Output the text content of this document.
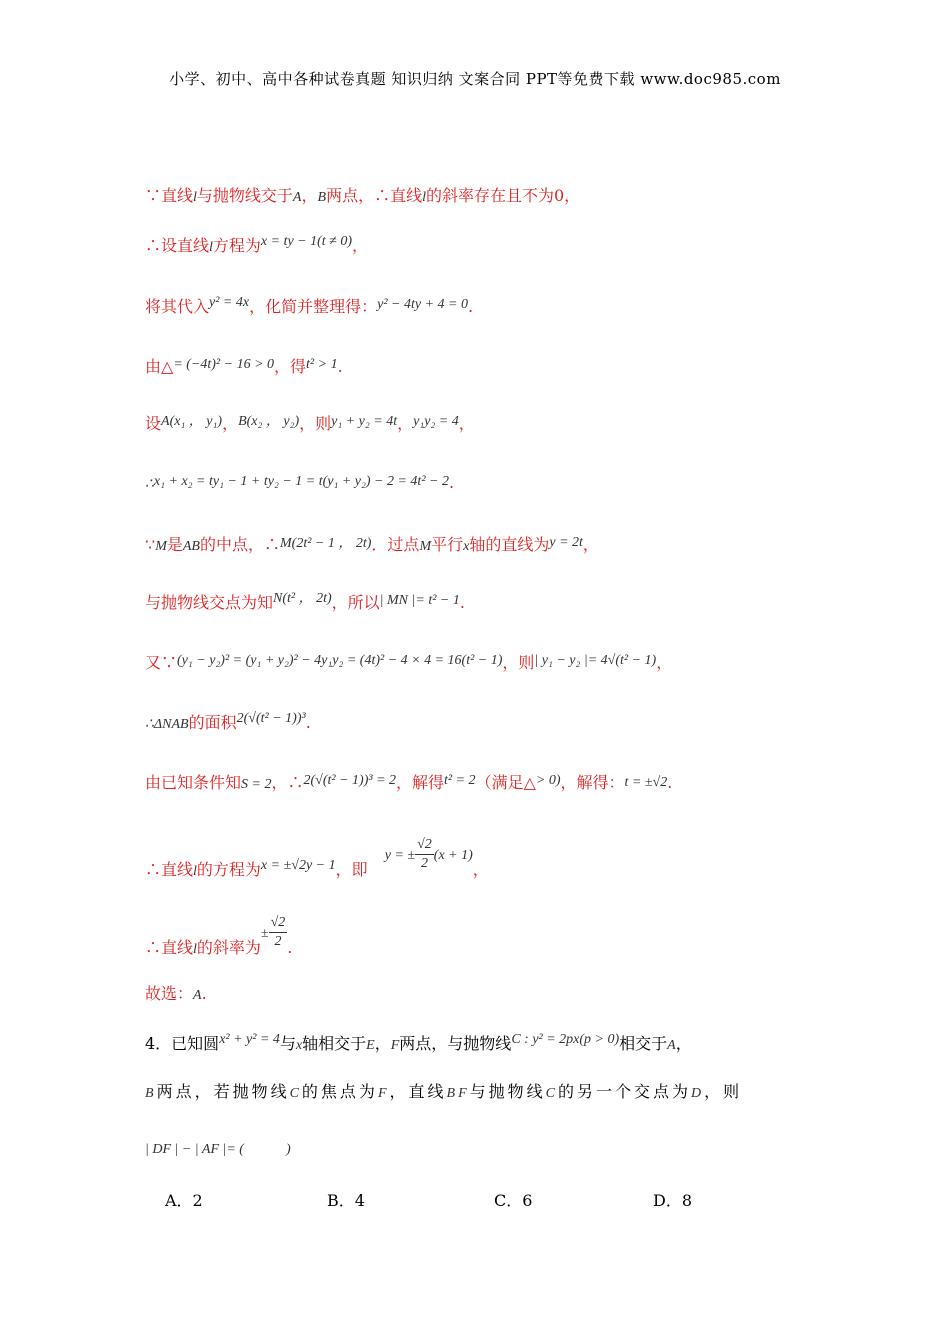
小学、初中、高中各种试卷真题 知识归纳 文案合同 PPT等免费下载 www.doc985.com
∵直线l与抛物线交于A，B两点，∴直线l的斜率存在且不为0，
∴设直线l方程为x = ty − 1(t ≠ 0)，
将其代入y² = 4x，化简并整理得：y² − 4ty + 4 = 0.
由△= (−4t)² − 16 > 0，得t² > 1.
设A(x₁ ， y₁)，B(x₂ ， y₂)，则y₁ + y₂ = 4t，y₁y₂ = 4，
∴x₁ + x₂ = ty₁ − 1 + ty₂ − 1 = t(y₁ + y₂) − 2 = 4t² − 2.
∵M是AB的中点，∴M(2t² − 1 ， 2t)．过点M平行x轴的直线为y = 2t，
与抛物线交点为知N(t² ， 2t)，所以| MN |= t² − 1.
又∵(y₁ − y₂)² = (y₁ + y₂)² − 4y₁y₂ = (4t)² − 4 × 4 = 16(t² − 1)，则| y₁ − y₂ |= 4√(t² − 1)，
∴ΔNAB的面积2(√(t² − 1))³.
由已知条件知S = 2，∴2(√(t² − 1))³ = 2，解得t² = 2（满足△> 0)，解得：t = ±√2.
∴直线l的方程为x = ±√2y − 1，即 y = ± $\frac{√2}{2} (x + 1)$，
∴直线l的斜率为± $\frac{√2}{2}$ .
故选：A.
4．已知圆x² + y² = 4与x轴相交于E，F两点，与抛物线C : y² = 2px(p > 0)相交于A，
B两点，若抛物线C的焦点为F，直线BF与抛物线C的另一个交点为D，则
| DF | − | AF |= (	)
A．2	B．4	C．6	D．8
